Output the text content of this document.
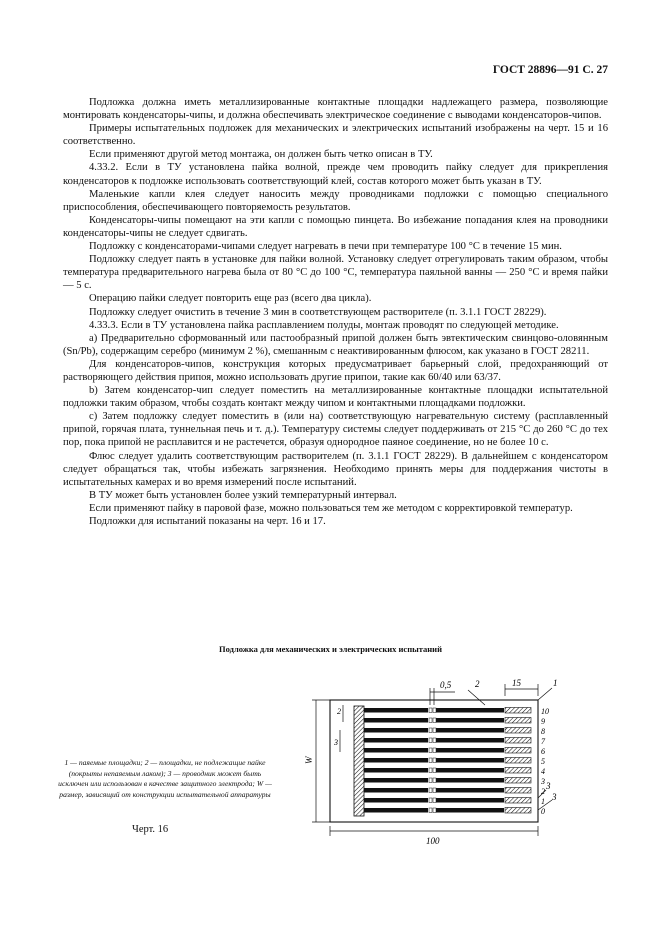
ГОСТ 28896—91 С. 27

Подложка должна иметь металлизированные контактные площадки надлежащего размера, позволяющие монтировать конденсаторы-чипы, и должна обеспечивать электрическое соединение с выводами конденсаторов-чипов.

Примеры испытательных подложек для механических и электрических испытаний изображены на черт. 15 и 16 соответственно.

Если применяют другой метод монтажа, он должен быть четко описан в ТУ.

4.33.2. Если в ТУ установлена пайка волной, прежде чем проводить пайку следует для прикрепления конденсаторов к подложке использовать соответствующий клей, состав которого может быть указан в ТУ.

Маленькие капли клея следует наносить между проводниками подложки с помощью специального приспособления, обеспечивающего повторяемость результатов.

Конденсаторы-чипы помещают на эти капли с помощью пинцета. Во избежание попадания клея на проводники конденсаторы-чипы не следует сдвигать.

Подложку с конденсаторами-чипами следует нагревать в печи при температуре 100 °С в течение 15 мин.

Подложку следует паять в установке для пайки волной. Установку следует отрегулировать таким образом, чтобы температура предварительного нагрева была от 80 °С до 100 °С, температура паяльной ванны — 250 °С и время пайки — 5 с.

Операцию пайки следует повторить еще раз (всего два цикла).

Подложку следует очистить в течение 3 мин в соответствующем растворителе (п. 3.1.1 ГОСТ 28229).

4.33.3. Если в ТУ установлена пайка расплавлением полуды, монтаж проводят по следующей методике.

а) Предварительно сформованный или пастообразный припой должен быть эвтектическим свинцово-оловянным (Sn/Pb), содержащим серебро (минимум 2 %), смешанным с неактивированным флюсом, как указано в ГОСТ 28211.

Для конденсаторов-чипов, конструкция которых предусматривает барьерный слой, предохраняющий от растворяющего действия припоя, можно использовать другие припои, такие как 60/40 или 63/37.

b) Затем конденсатор-чип следует поместить на металлизированные контактные площадки испытательной подложки таким образом, чтобы создать контакт между чипом и контактными площадками подложки.

с) Затем подложку следует поместить в (или на) соответствующую нагревательную систему (расплавленный припой, горячая плата, туннельная печь и т. д.). Температуру системы следует поддерживать от 215 °С до 260 °С до тех пор, пока припой не расплавится и не растечется, образуя однородное паяное соединение, но не более 10 с.

Флюс следует удалить соответствующим растворителем (п. 3.1.1 ГОСТ 28229). В дальнейшем с конденсатором следует обращаться так, чтобы избежать загрязнения. Необходимо принять меры для поддержания чистоты в испытательных камерах и во время измерений после испытаний.

В ТУ может быть установлен более узкий температурный интервал.

Если применяют пайку в паровой фазе, можно пользоваться тем же методом с корректировкой температур.

Подложки для испытаний показаны на черт. 16 и 17.

Подложка для механических и электрических испытаний
10
9
8
7
6
5
4
3
2
1
0
W
100
15
0,5
2
3
2	1
3
3
1 — паяемые площадки; 2 — площадки, не подлежащие пайке (покрыты непаяемым лаком); 3 — проводник может быть исключен или использован в качестве защитного электрода; W — размер, зависящий от конструкции испытательной аппаратуры
Черт. 16
